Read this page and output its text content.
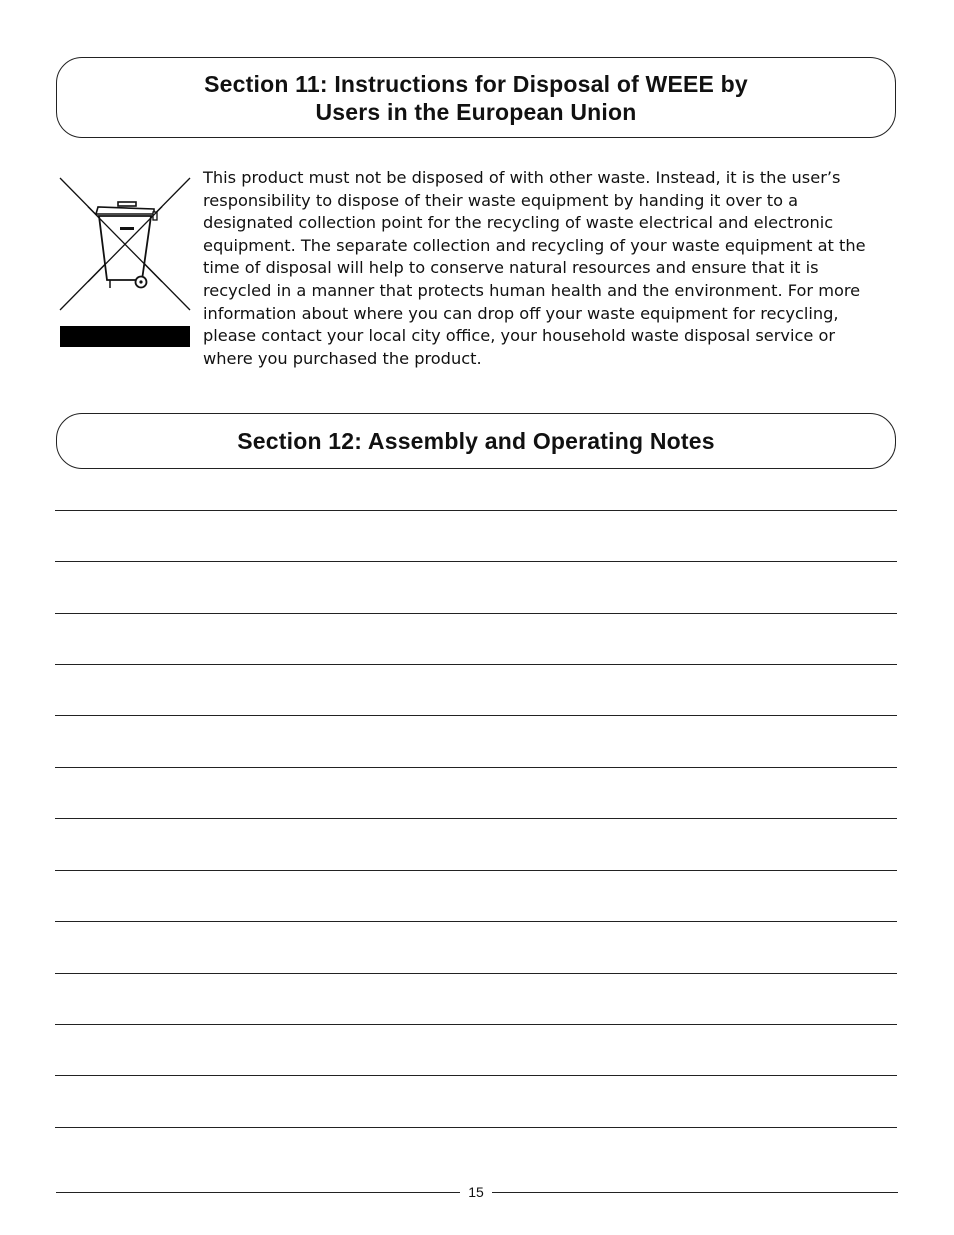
Section 11: Instructions for Disposal of WEEE by
Users in the European Union

This product must not be disposed of with other waste. Instead, it is the user’s responsibility to dispose of their waste equipment by handing it over to a designated collection point for the recycling of waste electrical and electronic equipment. The separate collection and recycling of your waste equipment at the time of disposal will help to conserve natural resources and ensure that it is recycled in a manner that protects human health and the environment. For more information about where you can drop off your waste equipment for recycling, please contact your local city office, your household waste disposal service or where you purchased the product.

Section 12: Assembly and Operating Notes
15
